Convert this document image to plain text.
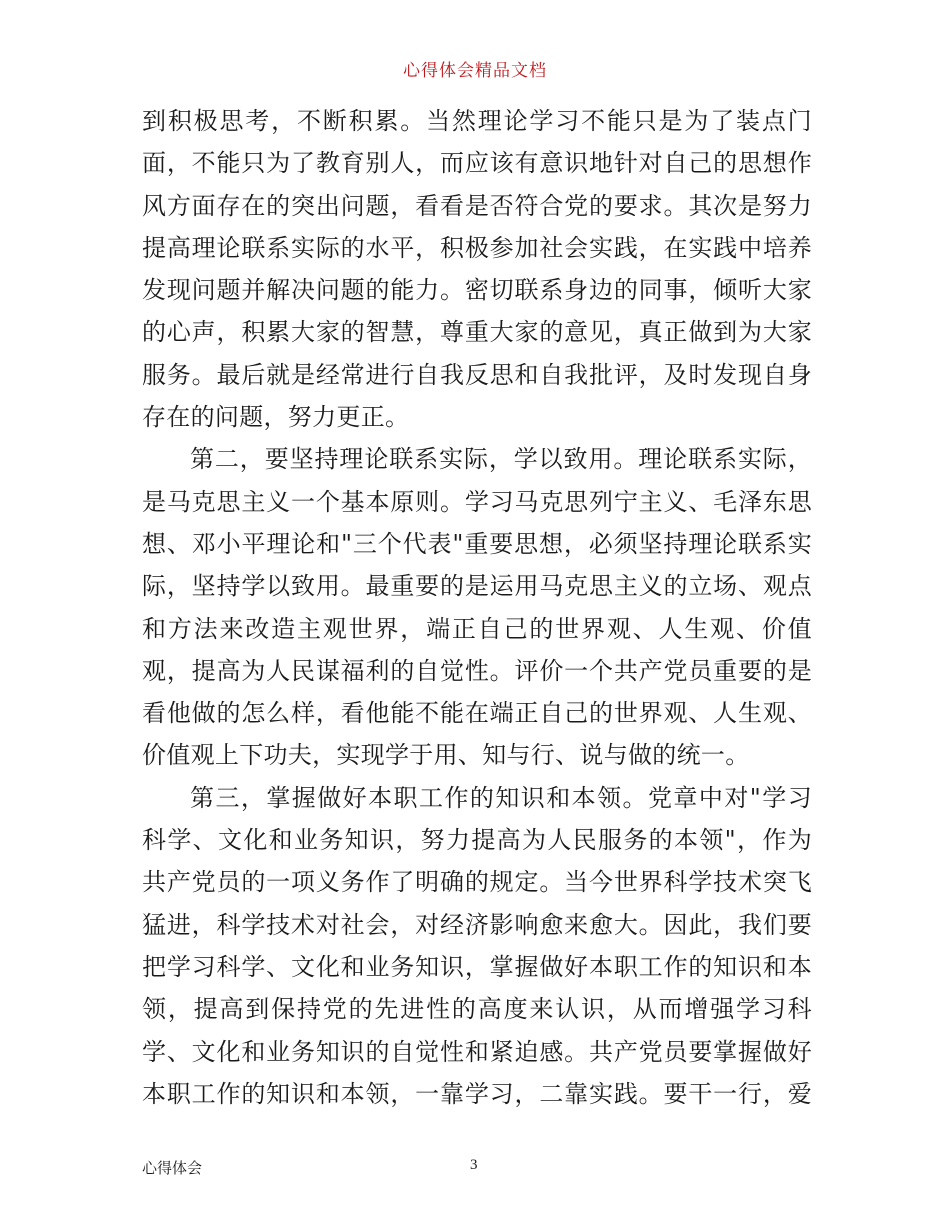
心得体会精品文档
到积极思考，不断积累。当然理论学习不能只是为了装点门
面，不能只为了教育别人，而应该有意识地针对自己的思想作
风方面存在的突出问题，看看是否符合党的要求。其次是努力
提高理论联系实际的水平，积极参加社会实践，在实践中培养
发现问题并解决问题的能力。密切联系身边的同事，倾听大家
的心声，积累大家的智慧，尊重大家的意见，真正做到为大家
服务。最后就是经常进行自我反思和自我批评，及时发现自身
存在的问题，努力更正。
第二，要坚持理论联系实际，学以致用。理论联系实际，
是马克思主义一个基本原则。学习马克思列宁主义、毛泽东思
想、邓小平理论和"三个代表"重要思想，必须坚持理论联系实
际，坚持学以致用。最重要的是运用马克思主义的立场、观点
和方法来改造主观世界，端正自己的世界观、人生观、价值
观，提高为人民谋福利的自觉性。评价一个共产党员重要的是
看他做的怎么样，看他能不能在端正自己的世界观、人生观、
价值观上下功夫，实现学于用、知与行、说与做的统一。
第三，掌握做好本职工作的知识和本领。党章中对"学习
科学、文化和业务知识，努力提高为人民服务的本领"，作为
共产党员的一项义务作了明确的规定。当今世界科学技术突飞
猛进，科学技术对社会，对经济影响愈来愈大。因此，我们要
把学习科学、文化和业务知识，掌握做好本职工作的知识和本
领，提高到保持党的先进性的高度来认识，从而增强学习科
学、文化和业务知识的自觉性和紧迫感。共产党员要掌握做好
本职工作的知识和本领，一靠学习，二靠实践。要干一行，爱
心得体会	3
